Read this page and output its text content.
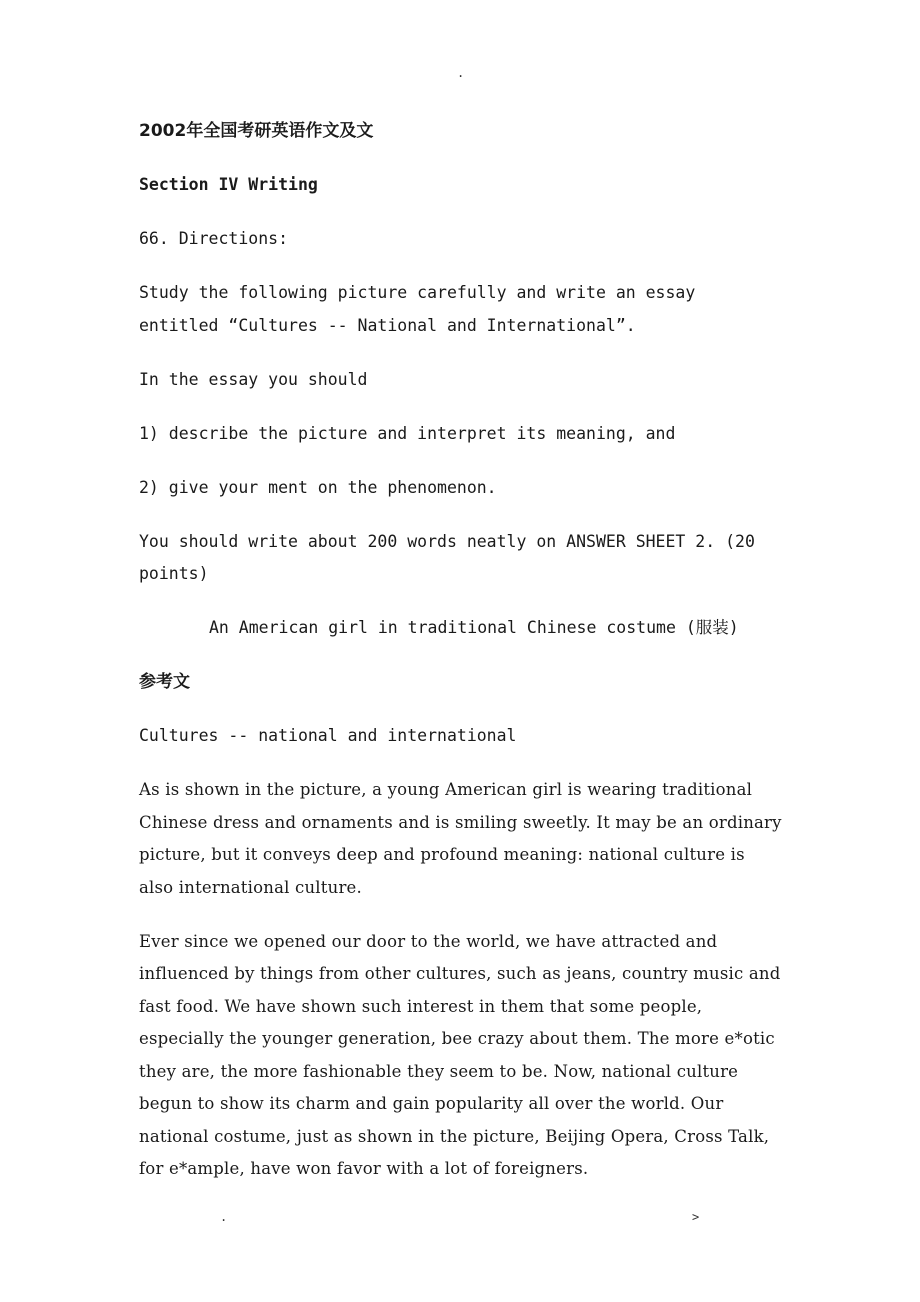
.

2002年全国考研英语作文及文

Section IV Writing

66. Directions:

Study the following picture carefully and write an essay entitled “Cultures -- National and International”.

In the essay you should

1) describe the picture and interpret its meaning, and

2) give your ment on the phenomenon.

You should write about 200 words neatly on ANSWER SHEET 2. (20 points)

An American girl in traditional Chinese costume (服装)

参考文

Cultures -- national and international

As is shown in the picture, a young American girl is wearing traditional Chinese dress and ornaments and is smiling sweetly. It may be an ordinary picture, but it conveys deep and profound meaning: national culture is also international culture.

Ever since we opened our door to the world, we have attracted and influenced by things from other cultures, such as jeans, country music and fast food. We have shown such interest in them that some people, especially the younger generation, bee crazy about them. The more e*otic they are, the more fashionable they seem to be. Now, national culture begun to show its charm and gain popularity all over the world. Our national costume, just as shown in the picture, Beijing Opera, Cross Talk, for e*ample, have won favor with a lot of foreigners.

.	>
